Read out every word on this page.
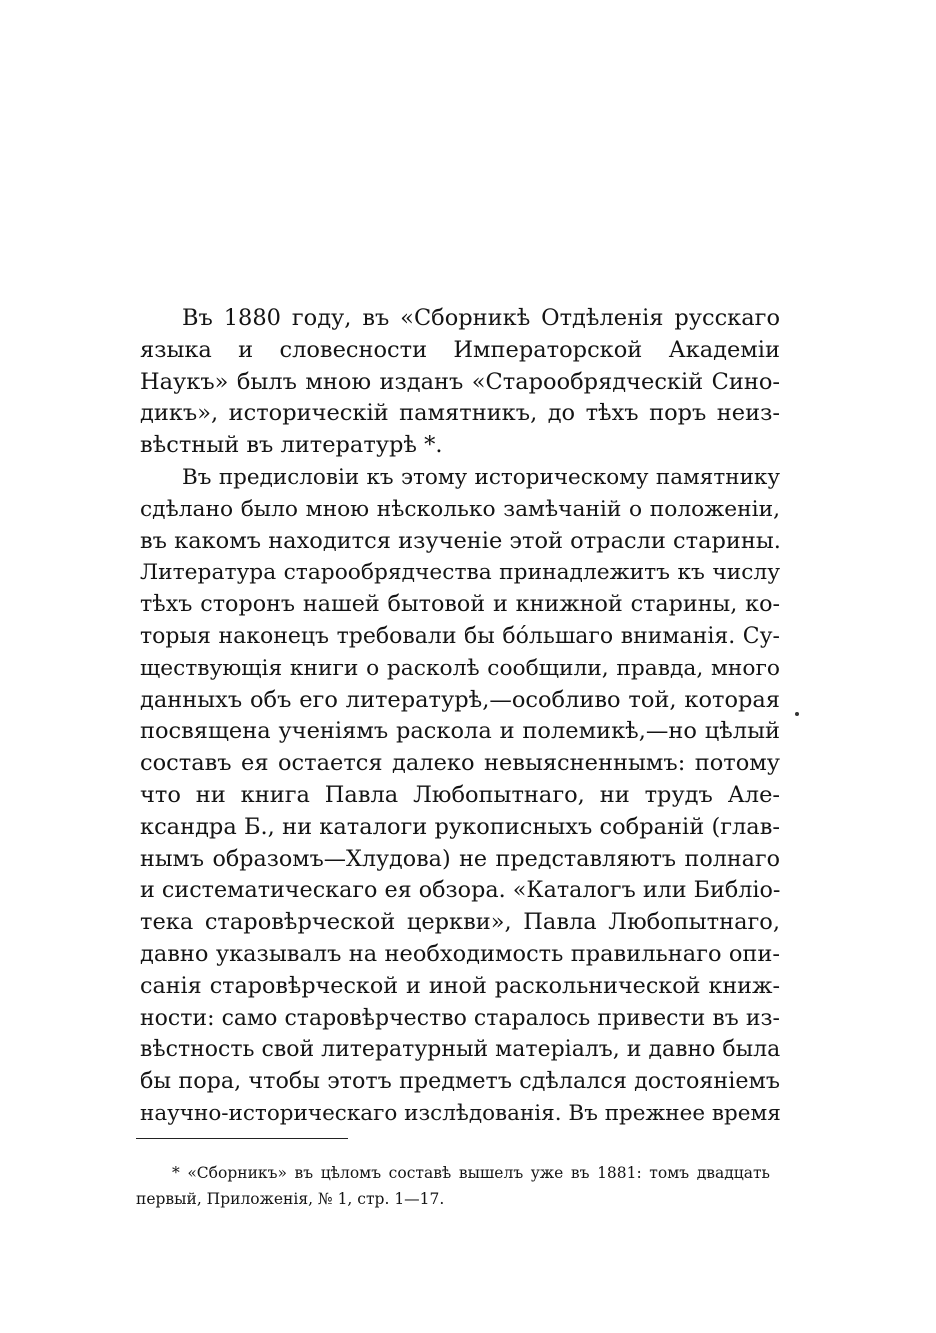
Въ 1880 году, въ «Сборникѣ Отдѣленія русскаго
языка и словесности Императорской Академіи
Наукъ» былъ мною изданъ «Старообрядческій Сино-
дикъ», историческій памятникъ, до тѣхъ поръ неиз-
вѣстный въ литературѣ *.
Въ предисловіи къ этому историческому памятнику
сдѣлано было мною нѣсколько замѣчаній о положеніи,
въ какомъ находится изученіе этой отрасли старины.
Литература старообрядчества принадлежитъ къ числу
тѣхъ сторонъ нашей бытовой и книжной старины, ко-
торыя наконецъ требовали бы бóльшаго вниманія. Су-
ществующія книги о расколѣ сообщили, правда, много
данныхъ объ его литературѣ,—особливо той, которая
посвящена ученіямъ раскола и полемикѣ,—но цѣлый
составъ ея остается далеко невыясненнымъ: потому
что ни книга Павла Любопытнаго, ни трудъ Але-
ксандра Б., ни каталоги рукописныхъ собраній (глав-
нымъ образомъ—Хлудова) не представляютъ полнаго
и систематическаго ея обзора. «Каталогъ или Библіо-
тека старовѣрческой церкви», Павла Любопытнаго,
давно указывалъ на необходимость правильнаго опи-
санія старовѣрческой и иной раскольнической книж-
ности: само старовѣрчество старалось привести въ из-
вѣстность свой литературный матеріалъ, и давно была
бы пора, чтобы этотъ предметъ сдѣлался достояніемъ
научно-историческаго изслѣдованія. Въ прежнее время
* «Сборникъ» въ цѣломъ составѣ вышелъ уже въ 1881: томъ двадцать
первый, Приложенія, № 1, стр. 1—17.
